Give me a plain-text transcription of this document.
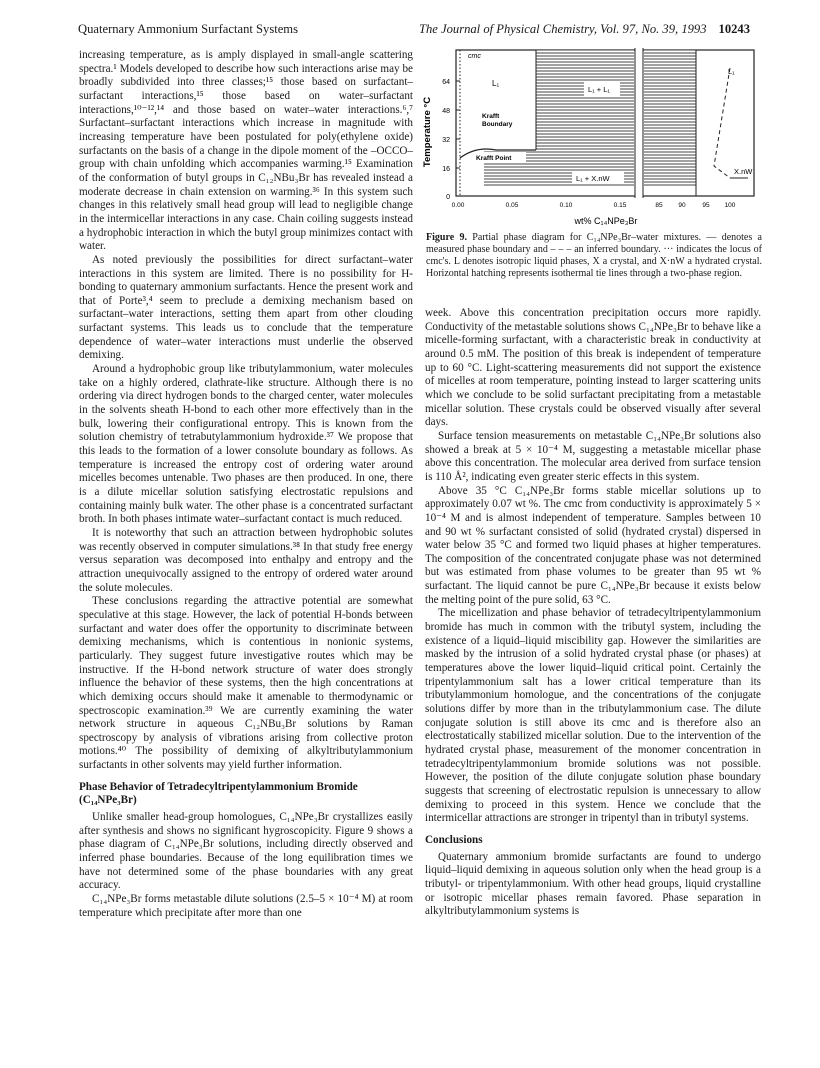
Quaternary Ammonium Surfactant Systems	The Journal of Physical Chemistry, Vol. 97, No. 39, 1993 10243

increasing temperature, as is amply displayed in small-angle scattering spectra.¹ Models developed to describe how such interactions arise may be broadly subdivided into three classes;¹⁵ those based on surfactant–surfactant interactions,¹⁵ those based on water–surfactant interactions,¹⁰⁻¹²,¹⁴ and those based on water–water interactions.⁶,⁷ Surfactant–surfactant interactions which increase in magnitude with increasing temperature have been postulated for poly(ethylene oxide) surfactants on the basis of a change in the dipole moment of the –OCCO– group with chain unfolding which accompanies warming.¹⁵ Examination of the conformation of butyl groups in C₁₂NBu₃Br has revealed instead a moderate decrease in chain extension on warming.³⁶ In this system such changes in this relatively small head group will lead to negligible change in the intermicellar interactions in any case. Chain coiling suggests instead a hydrophobic interaction in which the butyl group minimizes contact with water.

As noted previously the possibilities for direct surfactant–water interactions in this system are limited. There is no possibility for H-bonding to quaternary ammonium surfactants. Hence the present work and that of Porte³,⁴ seem to preclude a demixing mechanism based on surfactant–water interactions, setting them apart from other clouding surfactant systems. This leads us to conclude that the temperature dependence of water–water interactions must underlie the observed demixing.

Around a hydrophobic group like tributylammonium, water molecules take on a highly ordered, clathrate-like structure. Although there is no ordering via direct hydrogen bonds to the charged center, water molecules in the solvents sheath H-bond to each other more effectively than in the bulk, lowering their configurational entropy. This is known from the solution chemistry of tetrabutylammonium hydroxide.³⁷ We propose that this leads to the formation of a lower consolute boundary as follows. As temperature is increased the entropy cost of ordering water around micelles becomes untenable. Two phases are then produced. In one, there is a dilute micellar solution satisfying electrostatic repulsions and containing mainly bulk water. The other phase is a concentrated surfactant broth. In both phases intimate water–surfactant contact is much reduced.

It is noteworthy that such an attraction between hydrophobic solutes was recently observed in computer simulations.³⁸ In that study free energy versus separation was decomposed into enthalpy and entropy and the attraction unequivocally assigned to the entropy of ordered water around the solute molecules.

These conclusions regarding the attractive potential are somewhat speculative at this stage. However, the lack of potential H-bonds between surfactant and water does offer the opportunity to discriminate between demixing mechanisms, which is contentious in nonionic systems, particularly. They suggest future investigative routes which may be instructive. If the H-bond network structure of water does strongly influence the behavior of these systems, then the high concentrations at which demixing occurs should make it amenable to thermodynamic or spectroscopic examination.³⁹ We are currently examining the water network structure in aqueous C₁₂NBu₃Br solutions by Raman spectroscopy by analysis of vibrations arising from collective proton motions.⁴⁰ The possibility of demixing of alkyltributylammonium surfactants in other solvents may yield further information.

Phase Behavior of Tetradecyltripentylammonium Bromide (C₁₄NPe₃Br)

Unlike smaller head-group homologues, C₁₄NPe₃Br crystallizes easily after synthesis and shows no significant hygroscopicity. Figure 9 shows a phase diagram of C₁₄NPe₃Br solutions, including directly observed and inferred phase boundaries. Because of the long equilibration times we have not determined some of the phase boundaries with any great accuracy.

C₁₄NPe₃Br forms metastable dilute solutions (2.5–5 × 10⁻⁴ M) at room temperature which precipitate after more than one

0
16
32
48
64
Temperature °C
0.00	0.05	0.10	0.15	85 90	95 100
wt% C₁₄NPe₃Br
cmc
L₁
L₁
L₁ + L₁
Krafft
Boundary
Krafft Point
L₁ + X.nW
X.nW
Figure 9. Partial phase diagram for C₁₄NPe₃Br–water mixtures. — denotes a measured phase boundary and – – – an inferred boundary. ··· indicates the locus of cmc's. L denotes isotropic liquid phases, X a crystal, and X·nW a hydrated crystal. Horizontal hatching represents isothermal tie lines through a two-phase region.

week. Above this concentration precipitation occurs more rapidly. Conductivity of the metastable solutions shows C₁₄NPe₃Br to behave like a micelle-forming surfactant, with a characteristic break in conductivity at around 0.5 mM. The position of this break is independent of temperature up to 60 °C. Light-scattering measurements did not support the existence of micelles at room temperature, pointing instead to larger scattering units which we conclude to be solid surfactant precipitating from a metastable micellar solution. These crystals could be observed visually after several days.

Surface tension measurements on metastable C₁₄NPe₃Br solutions also showed a break at 5 × 10⁻⁴ M, suggesting a metastable micellar phase above this concentration. The molecular area derived from surface tension is 110 Å², indicating even greater steric effects in this system.

Above 35 °C C₁₄NPe₃Br forms stable micellar solutions up to approximately 0.07 wt %. The cmc from conductivity is approximately 5 × 10⁻⁴ M and is almost independent of temperature. Samples between 10 and 90 wt % surfactant consisted of solid (hydrated crystal) dispersed in water below 35 °C and formed two liquid phases at higher temperatures. The composition of the concentrated conjugate phase was not determined but was estimated from phase volumes to be greater than 95 wt % surfactant. The liquid cannot be pure C₁₄NPe₃Br because it exists below the melting point of the pure solid, 63 °C.

The micellization and phase behavior of tetradecyltripentylammonium bromide has much in common with the tributyl system, including the existence of a liquid–liquid miscibility gap. However the similarities are masked by the intrusion of a solid hydrated crystal phase (or phases) at temperatures above the lower liquid–liquid critical point. Certainly the tripentylammonium salt has a lower critical temperature than its tributylammonium homologue, and the concentrations of the conjugate solutions differ by more than in the tributylammonium case. The dilute conjugate solution is still above its cmc and is therefore also an electrostatically stabilized micellar solution. Due to the intervention of the hydrated crystal phase, measurement of the monomer concentration in tetradecyltripentylammonium bromide solutions was not possible. However, the position of the dilute conjugate solution phase boundary suggests that screening of electrostatic repulsion is unnecessary to allow demixing to proceed in this system. Hence we conclude that the intermicellar attractions are stronger in tripentyl than in tributyl systems.

Conclusions

Quaternary ammonium bromide surfactants are found to undergo liquid–liquid demixing in aqueous solution only when the head group is a tributyl- or tripentylammonium. With other head groups, liquid crystalline or isotropic micellar phases remain favored. Phase separation in alkyltributylammonium systems is
